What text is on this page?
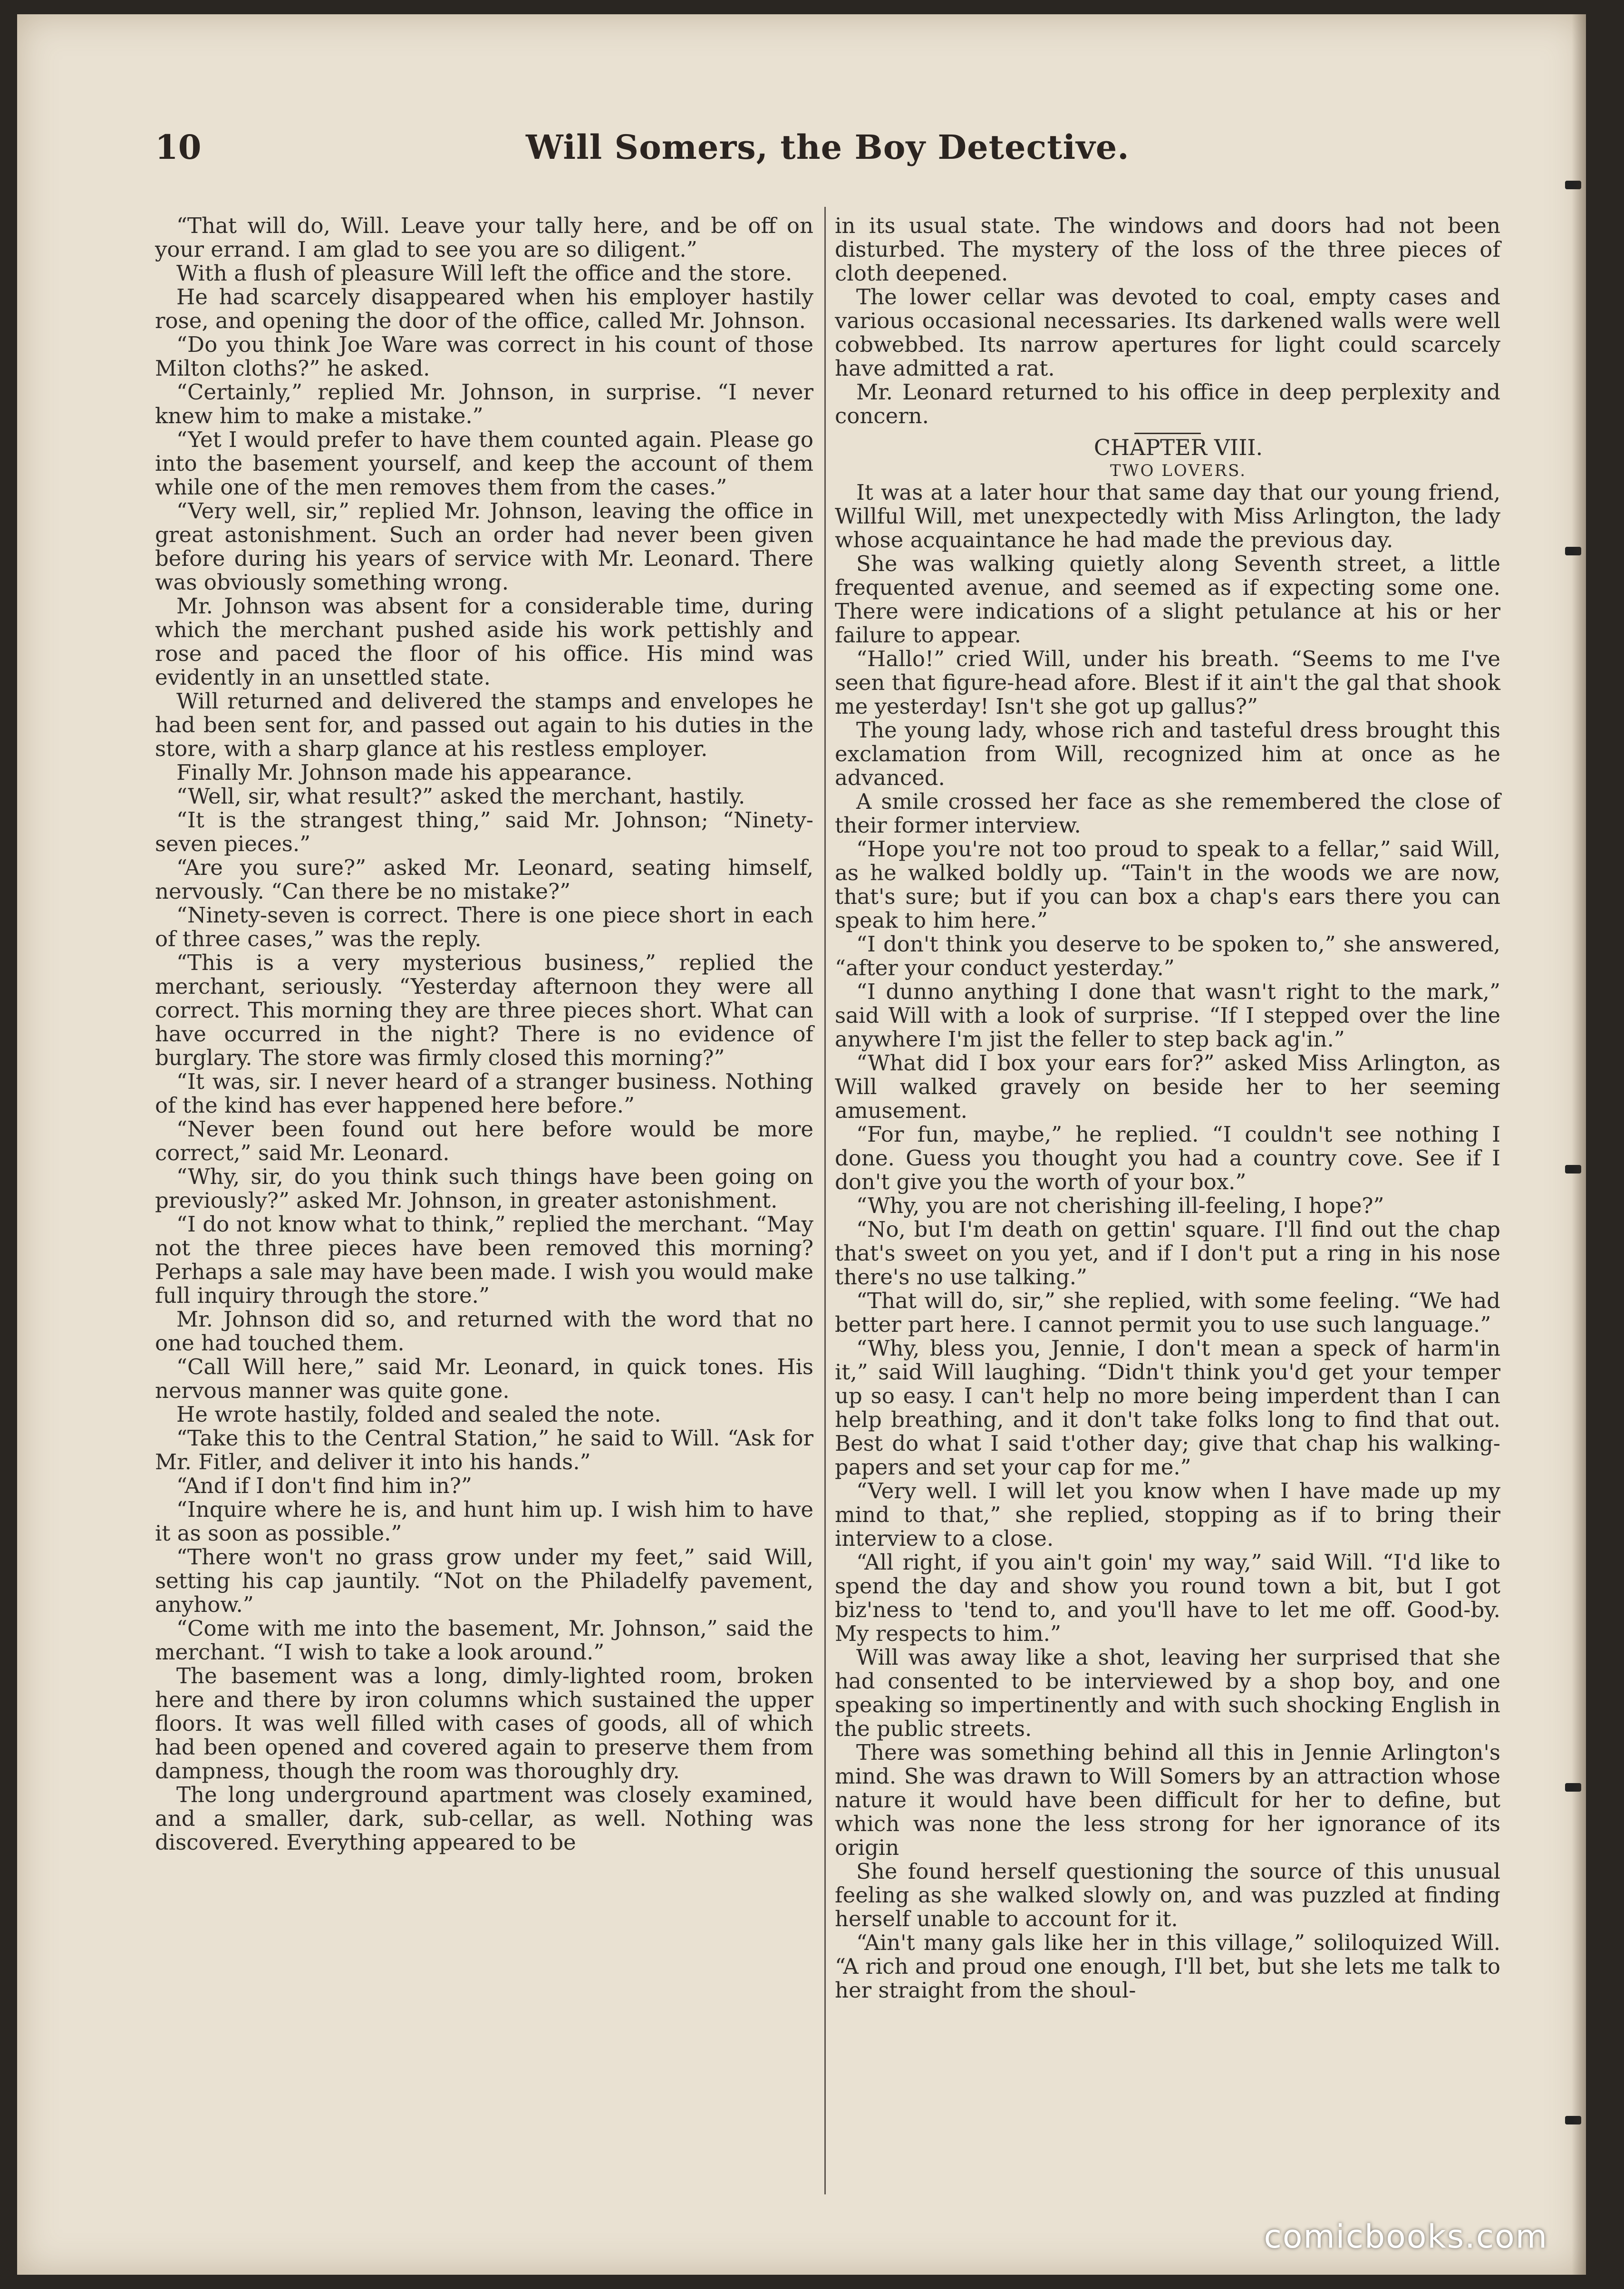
10	Will Somers, the Boy Detective.

“That will do, Will. Leave your tally here, and be off on your errand. I am glad to see you are so diligent.”

With a flush of pleasure Will left the office and the store.

He had scarcely disappeared when his employer hastily rose, and opening the door of the office, called Mr. Johnson.

“Do you think Joe Ware was correct in his count of those Milton cloths?” he asked.

“Certainly,” replied Mr. Johnson, in surprise. “I never knew him to make a mistake.”

“Yet I would prefer to have them counted again. Please go into the basement yourself, and keep the account of them while one of the men removes them from the cases.”

“Very well, sir,” replied Mr. Johnson, leaving the office in great astonishment. Such an order had never been given before during his years of service with Mr. Leonard. There was obviously something wrong.

Mr. Johnson was absent for a considerable time, during which the merchant pushed aside his work pettishly and rose and paced the floor of his office. His mind was evidently in an unsettled state.

Will returned and delivered the stamps and envelopes he had been sent for, and passed out again to his duties in the store, with a sharp glance at his restless employer.

Finally Mr. Johnson made his appearance.

“Well, sir, what result?” asked the merchant, hastily.

“It is the strangest thing,” said Mr. Johnson; “Ninety-seven pieces.”

“Are you sure?” asked Mr. Leonard, seating himself, nervously. “Can there be no mistake?”

“Ninety-seven is correct. There is one piece short in each of three cases,” was the reply.

“This is a very mysterious business,” replied the merchant, seriously. “Yesterday afternoon they were all correct. This morning they are three pieces short. What can have occurred in the night? There is no evidence of burglary. The store was firmly closed this morning?”

“It was, sir. I never heard of a stranger business. Nothing of the kind has ever happened here before.”

“Never been found out here before would be more correct,” said Mr. Leonard.

“Why, sir, do you think such things have been going on previously?” asked Mr. Johnson, in greater astonishment.

“I do not know what to think,” replied the merchant. “May not the three pieces have been removed this morning? Perhaps a sale may have been made. I wish you would make full inquiry through the store.”

Mr. Johnson did so, and returned with the word that no one had touched them.

“Call Will here,” said Mr. Leonard, in quick tones. His nervous manner was quite gone.

He wrote hastily, folded and sealed the note.

“Take this to the Central Station,” he said to Will. “Ask for Mr. Fitler, and deliver it into his hands.”

“And if I don't find him in?”

“Inquire where he is, and hunt him up. I wish him to have it as soon as possible.”

“There won't no grass grow under my feet,” said Will, setting his cap jauntily. “Not on the Philadelfy pavement, anyhow.”

“Come with me into the basement, Mr. Johnson,” said the merchant. “I wish to take a look around.”

The basement was a long, dimly-lighted room, broken here and there by iron columns which sustained the upper floors. It was well filled with cases of goods, all of which had been opened and covered again to preserve them from dampness, though the room was thoroughly dry.

The long underground apartment was closely examined, and a smaller, dark, sub-cellar, as well. Nothing was discovered. Everything appeared to be

in its usual state. The windows and doors had not been disturbed. The mystery of the loss of the three pieces of cloth deepened.

The lower cellar was devoted to coal, empty cases and various occasional necessaries. Its darkened walls were well cobwebbed. Its narrow apertures for light could scarcely have admitted a rat.

Mr. Leonard returned to his office in deep perplexity and concern.

CHAPTER VIII.

TWO LOVERS.

It was at a later hour that same day that our young friend, Willful Will, met unexpectedly with Miss Arlington, the lady whose acquaintance he had made the previous day.

She was walking quietly along Seventh street, a little frequented avenue, and seemed as if expecting some one. There were indications of a slight petulance at his or her failure to appear.

“Hallo!” cried Will, under his breath. “Seems to me I've seen that figure-head afore. Blest if it ain't the gal that shook me yesterday! Isn't she got up gallus?”

The young lady, whose rich and tasteful dress brought this exclamation from Will, recognized him at once as he advanced.

A smile crossed her face as she remembered the close of their former interview.

“Hope you're not too proud to speak to a fellar,” said Will, as he walked boldly up. “Tain't in the woods we are now, that's sure; but if you can box a chap's ears there you can speak to him here.”

“I don't think you deserve to be spoken to,” she answered, “after your conduct yesterday.”

“I dunno anything I done that wasn't right to the mark,” said Will with a look of surprise. “If I stepped over the line anywhere I'm jist the feller to step back ag'in.”

“What did I box your ears for?” asked Miss Arlington, as Will walked gravely on beside her to her seeming amusement.

“For fun, maybe,” he replied. “I couldn't see nothing I done. Guess you thought you had a country cove. See if I don't give you the worth of your box.”

“Why, you are not cherishing ill-feeling, I hope?”

“No, but I'm death on gettin' square. I'll find out the chap that's sweet on you yet, and if I don't put a ring in his nose there's no use talking.”

“That will do, sir,” she replied, with some feeling. “We had better part here. I cannot permit you to use such language.”

“Why, bless you, Jennie, I don't mean a speck of harm'in it,” said Will laughing. “Didn't think you'd get your temper up so easy. I can't help no more being imperdent than I can help breathing, and it don't take folks long to find that out. Best do what I said t'other day; give that chap his walking-papers and set your cap for me.”

“Very well. I will let you know when I have made up my mind to that,” she replied, stopping as if to bring their interview to a close.

“All right, if you ain't goin' my way,” said Will. “I'd like to spend the day and show you round town a bit, but I got biz'ness to 'tend to, and you'll have to let me off. Good-by. My respects to him.”

Will was away like a shot, leaving her surprised that she had consented to be interviewed by a shop boy, and one speaking so impertinently and with such shocking English in the public streets.

There was something behind all this in Jennie Arlington's mind. She was drawn to Will Somers by an attraction whose nature it would have been difficult for her to define, but which was none the less strong for her ignorance of its origin

She found herself questioning the source of this unusual feeling as she walked slowly on, and was puzzled at finding herself unable to account for it.

“Ain't many gals like her in this village,” soliloquized Will. “A rich and proud one enough, I'll bet, but she lets me talk to her straight from the shoul-

comicbooks.com
